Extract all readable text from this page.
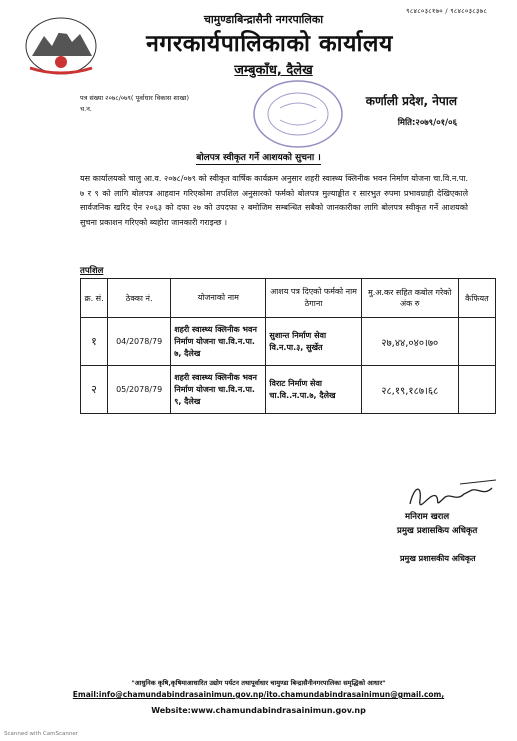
९८४८०३८१७० / ९८४८०३८३७८
चामुण्डाबिन्द्रासैनी नगरपालिका
नगरकार्यपालिकाको कार्यालय
जम्बुकाँध, दैलेख
पत्र संख्या २०७८/०७९( पूर्वाधार विकास शाखा)
च.न.
कर्णाली प्रदेश, नेपाल
मिति:२०७९/०१/०६
बोलपत्र स्वीकृत गर्ने आशयको सुचना ।
यस कार्यालयको चालु आ.व. २०७८/०७९ को स्वीकृत वार्षिक कार्यक्रम अनुसार शहरी स्वास्थ्य क्लिनीक भवन निर्माण योजना चा.वि.न.पा. ७ र ९ को लागि बोलपत्र आहवान गरिएकोमा तपशिल अनुसारको फर्मको बोलपत्र मुल्याङ्कीत र सारभुत रुपमा प्रभावग्राही देखिएकाले सार्वजनिक खरिद ऐन २०६३ को दफा २७ को उपदफा २ बमोजिम सम्बन्धित सबैको जानकारीका लागि बोलपत्र स्वीकृत गर्ने आशयको सुचना प्रकाशन गरिएको ब्यहोरा जानकारी गराइन्छ ।
तपशिल
क्र. सं.	ठेक्का नं.	योजनाको नाम	आशय पत्र दिएको फर्मको नाम ठेगाना	मु.अ.कर सहित कबोल गरेको अंक रु	कैफियत
१	04/2078/79	शहरी स्वास्थ्य क्लिनीक भवन निर्माण योजना चा.वि.न.पा. ७, दैलेख	सुशान्त निर्माण सेवा वि.न.पा.३, सुर्खेत	२७,४४,०४०।७०	
२	05/2078/79	शहरी स्वास्थ्य क्लिनीक भवन निर्माण योजना चा.वि.न.पा. ९, दैलेख	विराट निर्माण सेवा चा.वि..न.पा.७, दैलेख	२८,१९,१८७।६८	
मनिराम खराल
प्रमुख प्रशासकिय अधिकृत
प्रमुख प्रशासकीय अधिकृत
"आधुनिक कृषि,कृषिमाआधारित उद्योग पर्यटन तथापूर्वाधार चामुण्डा बिन्द्रासैनीनगरपालिका समृद्धिको आधार"
Email:info@chamundabindrasainimun.gov.np/ito.chamundabindrasainimun@gmail.com,
Website:www.chamundabindrasainimun.gov.np
Scanned with CamScanner
